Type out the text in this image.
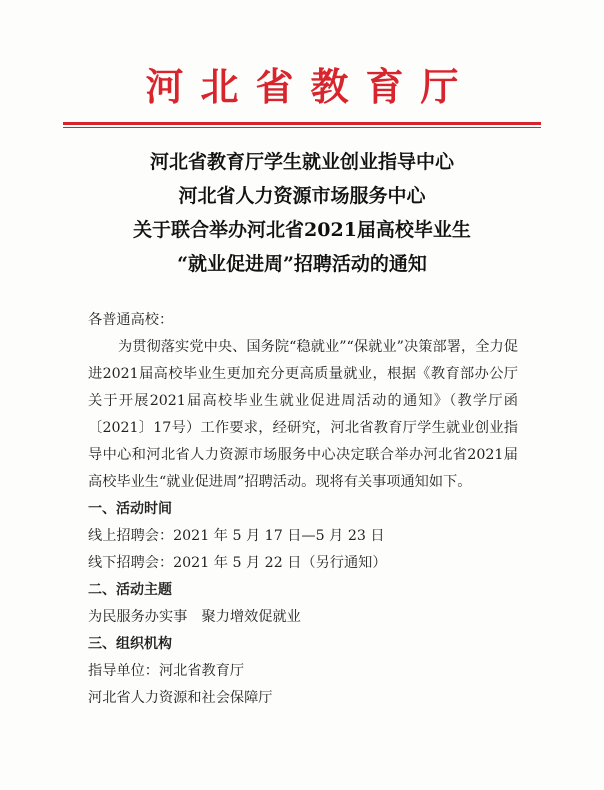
河北省教育厅
河北省教育厅学生就业创业指导中心
河北省人力资源市场服务中心
关于联合举办河北省2021届高校毕业生
“就业促进周”招聘活动的通知

各普通高校：

为贯彻落实党中央、国务院“稳就业”“保就业”决策部署，全力促进2021届高校毕业生更加充分更高质量就业，根据《教育部办公厅关于开展2021届高校毕业生就业促进周活动的通知》（教学厅函〔2021〕17号）工作要求，经研究，河北省教育厅学生就业创业指导中心和河北省人力资源市场服务中心决定联合举办河北省2021届高校毕业生“就业促进周”招聘活动。现将有关事项通知如下。

一、活动时间

线上招聘会：2021 年 5 月 17 日—5 月 23 日

线下招聘会：2021 年 5 月 22 日（另行通知）

二、活动主题

为民服务办实事　聚力增效促就业

三、组织机构

指导单位：河北省教育厅

河北省人力资源和社会保障厅
